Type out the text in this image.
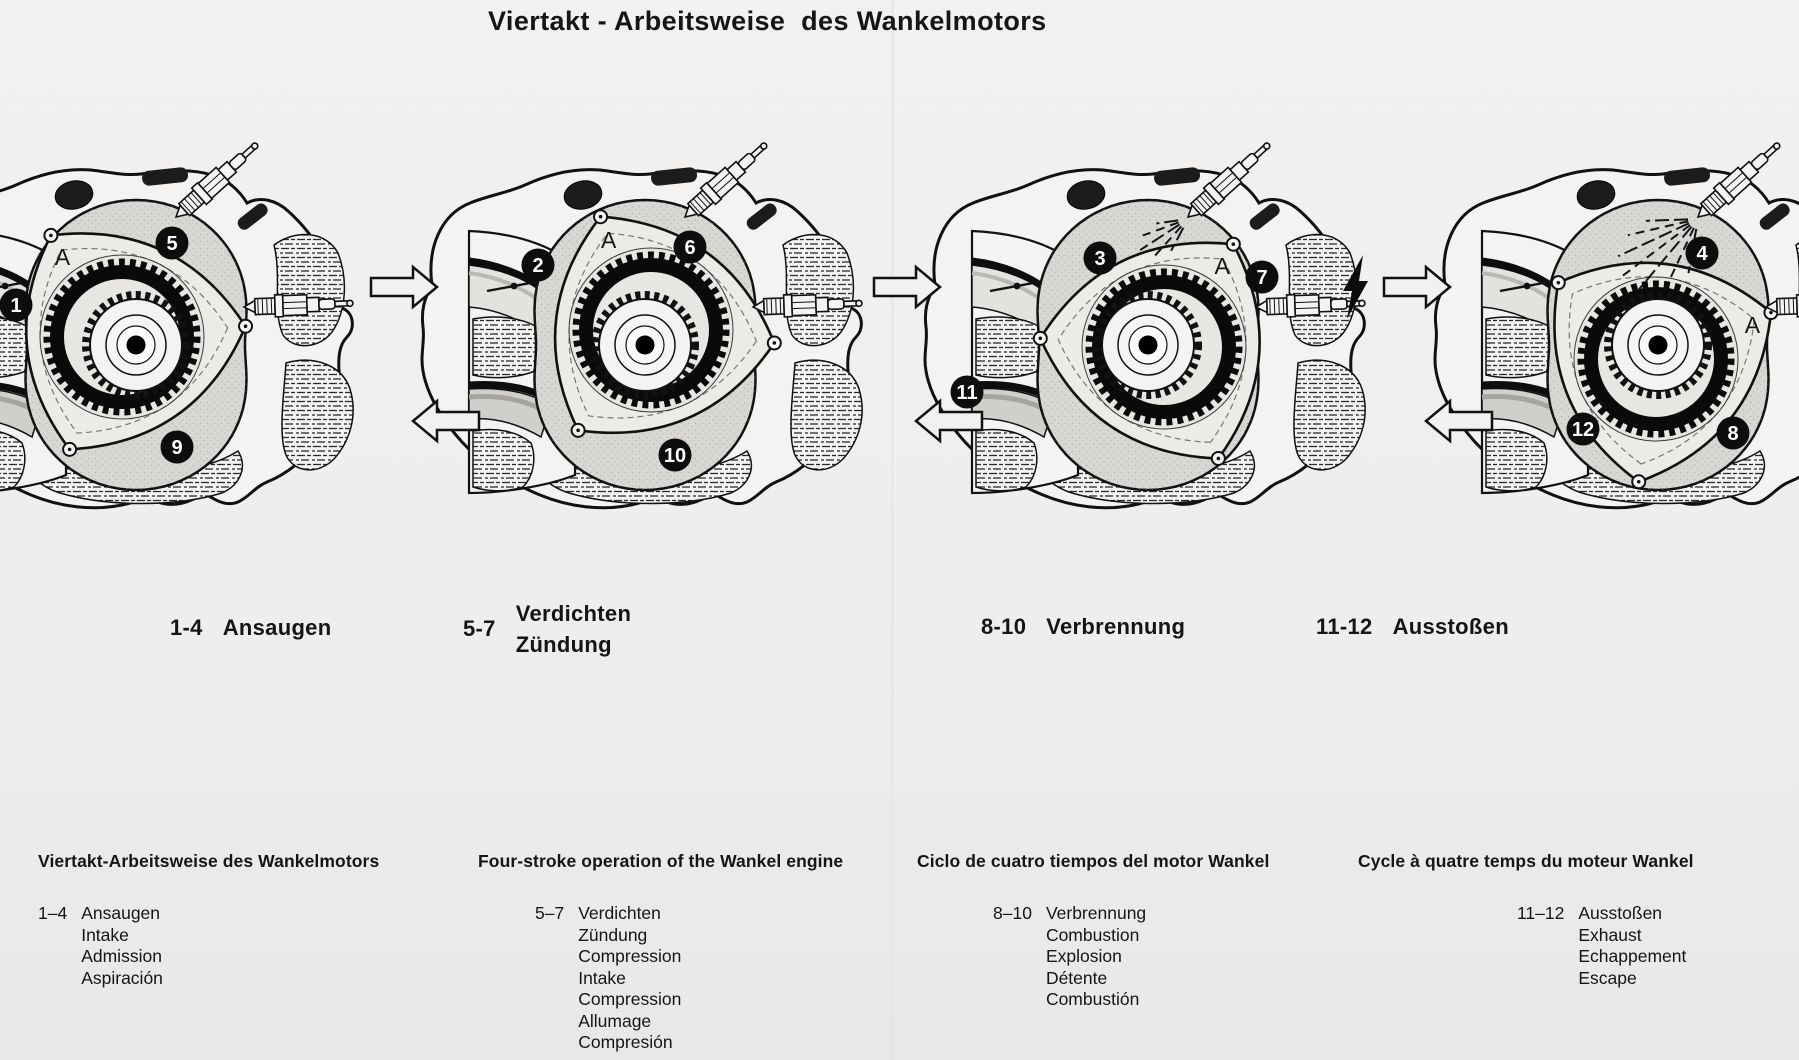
Viertakt - Arbeitsweise  des Wankelmotors
1
5
9
A	2
6
10
A
3
7
11
A	4
12	8
A
1-4 Ansaugen	5-7
Verdichten
Zündung
8-10 Verbrennung	11-12 Ausstoßen
Viertakt-Arbeitsweise des Wankelmotors	Four-stroke operation of the Wankel engine	Ciclo de cuatro tiempos del motor Wankel	Cycle à quatre temps du moteur Wankel
1–4 Ansaugen
Intake
Admission
Aspiración
5–7 Verdichten
Zündung
Compression
Intake
Compression
Allumage
Compresión
8–10 Verbrennung
Combustion
Explosion
Détente
Combustión
11–12 Ausstoßen
Exhaust
Echappement
Escape
